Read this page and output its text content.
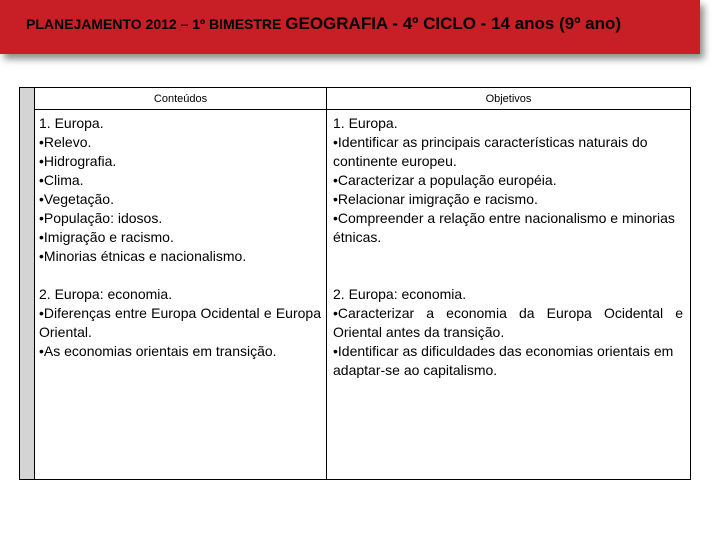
PLANEJAMENTO 2012 – 1º BIMESTRE GEOGRAFIA - 4º CICLO - 14 anos (9º ano)
Conteúdos	Objetivos
1. Europa.
•Relevo.
•Hidrografia.
•Clima.
•Vegetação.
•População: idosos.
•Imigração e racismo.
•Minorias étnicas e nacionalismo.
2. Europa: economia.
•Diferenças entre Europa Ocidental e Europa Oriental.
•As economias orientais em transição.
1. Europa.
•Identificar as principais características naturais do continente europeu.
•Caracterizar a população européia.
•Relacionar imigração e racismo.
•Compreender a relação entre nacionalismo e minorias étnicas.
2. Europa: economia.
•Caracterizar a economia da Europa Ocidental e Oriental antes da transição.
•Identificar as dificuldades das economias orientais em adaptar-se ao capitalismo.
